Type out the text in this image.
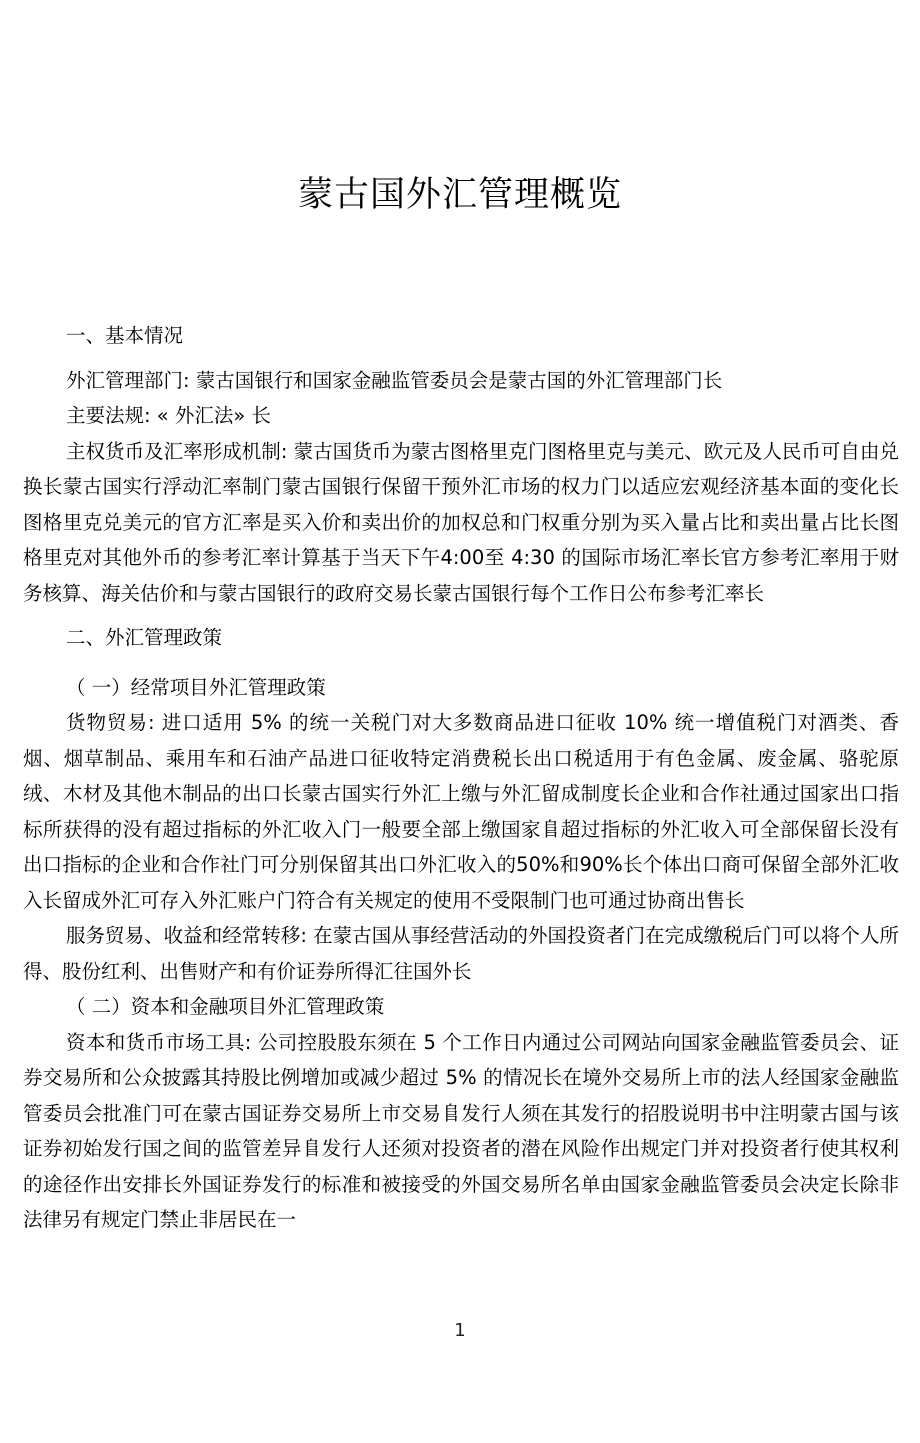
蒙古国外汇管理概览

一、基本情况

外汇管理部门: 蒙古国银行和国家金融监管委员会是蒙古国的外汇管理部门⻓

主要法规: « 外汇法» ⻓

主权货币及汇率形成机制: 蒙古国货币为蒙古图格里克⻔图格里克与美元、欧元及人民币可自由兑换⻓蒙古国实行浮动汇率制⻔蒙古国银行保留干预外汇市场的权力⻔以适应宏观经济基本面的变化⻓图格里克兑美元的官方汇率是买入价和卖出价的加权总和⻔权重分别为买入量占比和卖出量占比⻓图格里克对其他外币的参考汇率计算基于当天下午4:00至 4:30 的国际市场汇率⻓官方参考汇率用于财务核算、海关估价和与蒙古国银行的政府交易⻓蒙古国银行每个工作日公布参考汇率⻓

二、外汇管理政策

（ 一）经常项目外汇管理政策

货物贸易: 进口适用 5% 的统一关税⻔对大多数商品进口征收 10% 统一增值税⻔对酒类、香烟、烟草制品、乘用车和石油产品进口征收特定消费税⻓出口税适用于有色金属、废金属、骆驼原绒、木材及其他木制品的出口⻓蒙古国实行外汇上缴与外汇留成制度⻓企业和合作社通过国家出口指标所获得的没有超过指标的外汇收入⻔一般要全部上缴国家⻕超过指标的外汇收入可全部保留⻓没有出口指标的企业和合作社⻔可分别保留其出口外汇收入的50%和90%⻓个体出口商可保留全部外汇收入⻓留成外汇可存入外汇账户⻔符合有关规定的使用不受限制⻔也可通过协商出售⻓

服务贸易、收益和经常转移: 在蒙古国从事经营活动的外国投资者⻔在完成缴税后⻔可以将个人所得、股份红利、出售财产和有价证券所得汇往国外⻓

（ 二）资本和金融项目外汇管理政策

资本和货币市场工具: 公司控股股东须在 5 个工作日内通过公司网站向国家金融监管委员会、证券交易所和公众披露其持股比例增加或减少超过 5% 的情况⻓在境外交易所上市的法人经国家金融监管委员会批准⻔可在蒙古国证券交易所上市交易⻕发行人须在其发行的招股说明书中注明蒙古国与该证券初始发行国之间的监管差异⻕发行人还须对投资者的潜在风险作出规定⻔并对投资者行使其权利的途径作出安排⻓外国证券发行的标准和被接受的外国交易所名单由国家金融监管委员会决定⻓除非法律另有规定⻔禁止非居民在一

1
